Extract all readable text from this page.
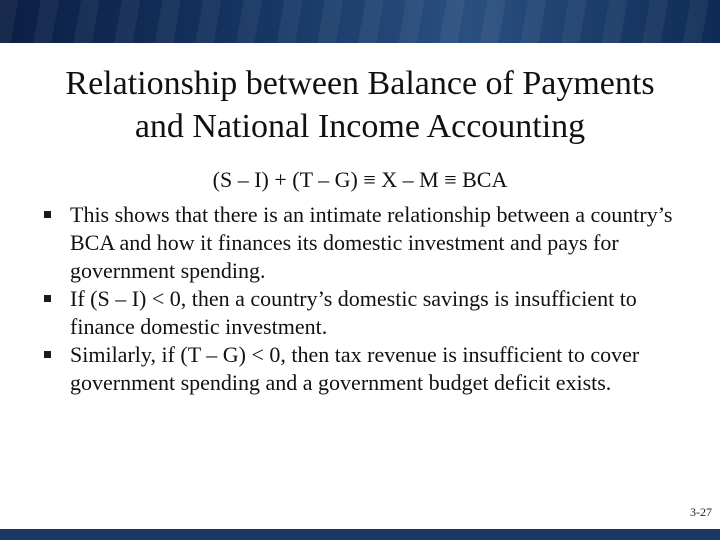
Relationship between Balance of Payments
and National Income Accounting
(S – I) + (T – G) ≡ X – M ≡ BCA
This shows that there is an intimate relationship between a country’s BCA and how it finances its domestic investment and pays for government spending.
If (S – I) < 0, then a country’s domestic savings is insufficient to finance domestic investment.
Similarly, if (T – G) < 0, then tax revenue is insufficient to cover government spending and a government budget deficit exists.
3-27
